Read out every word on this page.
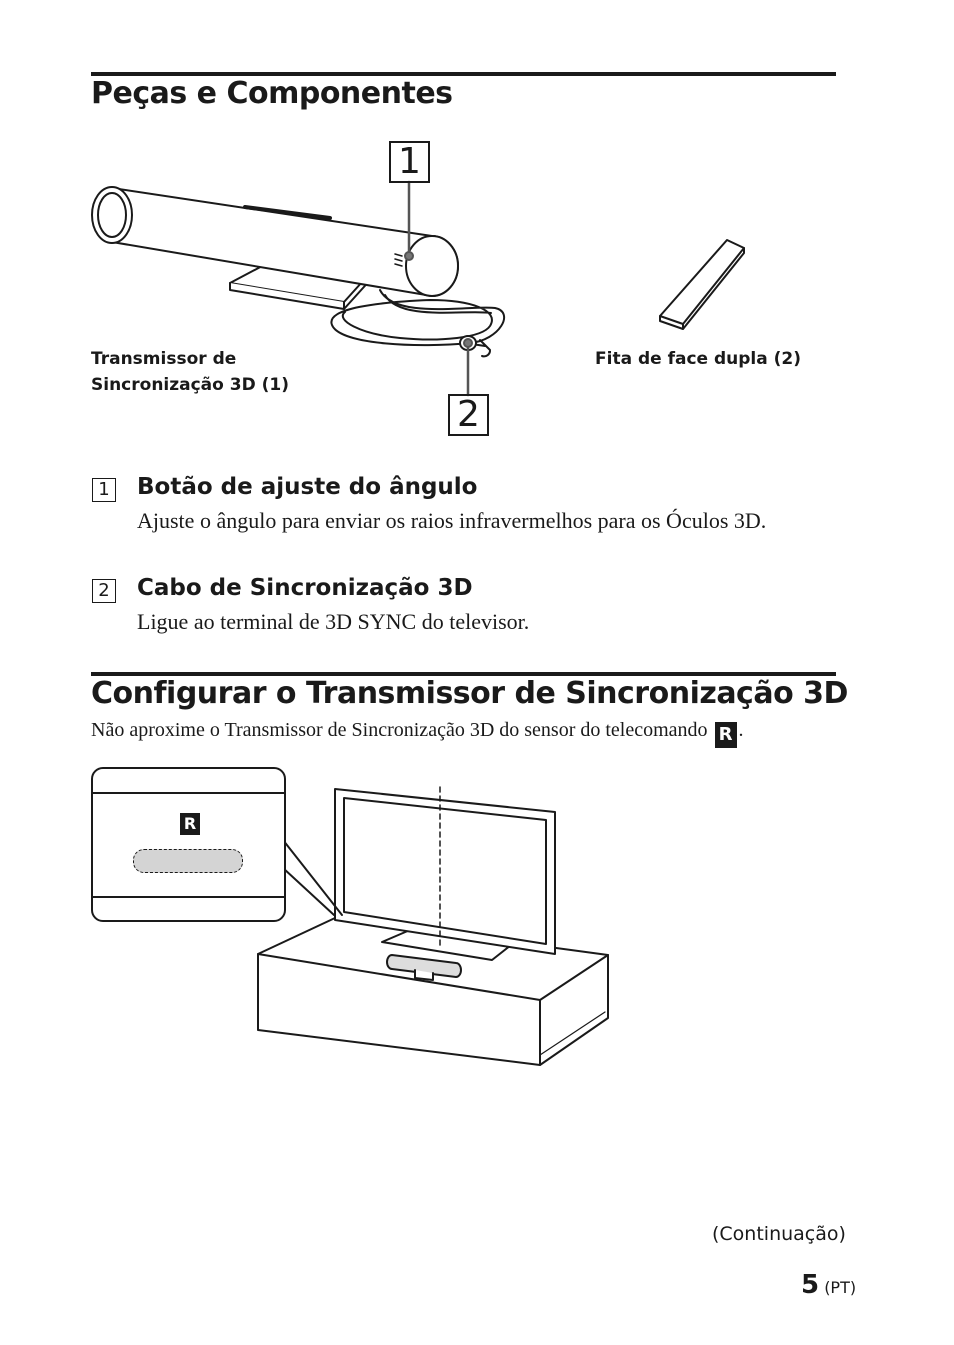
Peças e Componentes
1
2
Transmissor de
Sincronização 3D (1)
Fita de face dupla (2)
1 Botão de ajuste do ângulo
Ajuste o ângulo para enviar os raios infravermelhos para os Óculos 3D.
2 Cabo de Sincronização 3D
Ligue ao terminal de 3D SYNC do televisor.
Configurar o Transmissor de Sincronização 3D
Não aproxime o Transmissor de Sincronização 3D do sensor do telecomando R .
R
(Continuação)
5 (PT)
